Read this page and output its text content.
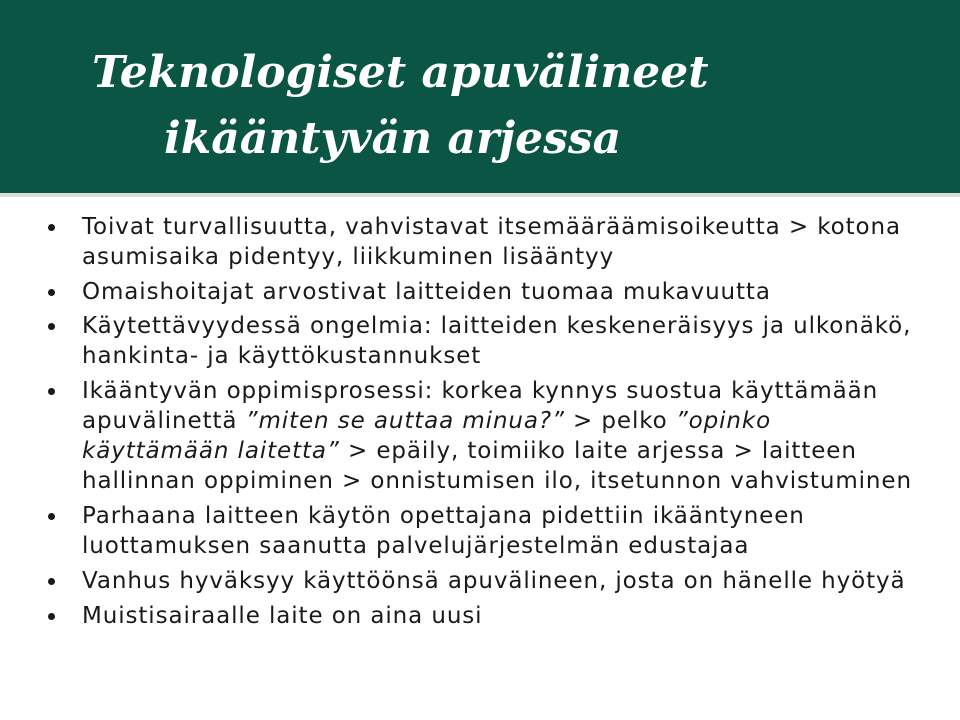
Teknologiset apuvälineet
ikääntyvän arjessa
Toivat turvallisuutta, vahvistavat itsemääräämisoikeutta > kotona asumisaika pidentyy, liikkuminen lisääntyy
Omaishoitajat arvostivat laitteiden tuomaa mukavuutta
Käytettävyydessä ongelmia: laitteiden keskeneräisyys ja ulkonäkö, hankinta- ja käyttökustannukset
Ikääntyvän oppimisprosessi: korkea kynnys suostua käyttämään apuvälinettä ”miten se auttaa minua?” > pelko ”opinko käyttämään laitetta” > epäily, toimiiko laite arjessa > laitteen hallinnan oppiminen > onnistumisen ilo, itsetunnon vahvistuminen
Parhaana laitteen käytön opettajana pidettiin ikääntyneen luottamuksen saanutta palvelujärjestelmän edustajaa
Vanhus hyväksyy käyttöönsä apuvälineen, josta on hänelle hyötyä
Muistisairaalle laite on aina uusi
